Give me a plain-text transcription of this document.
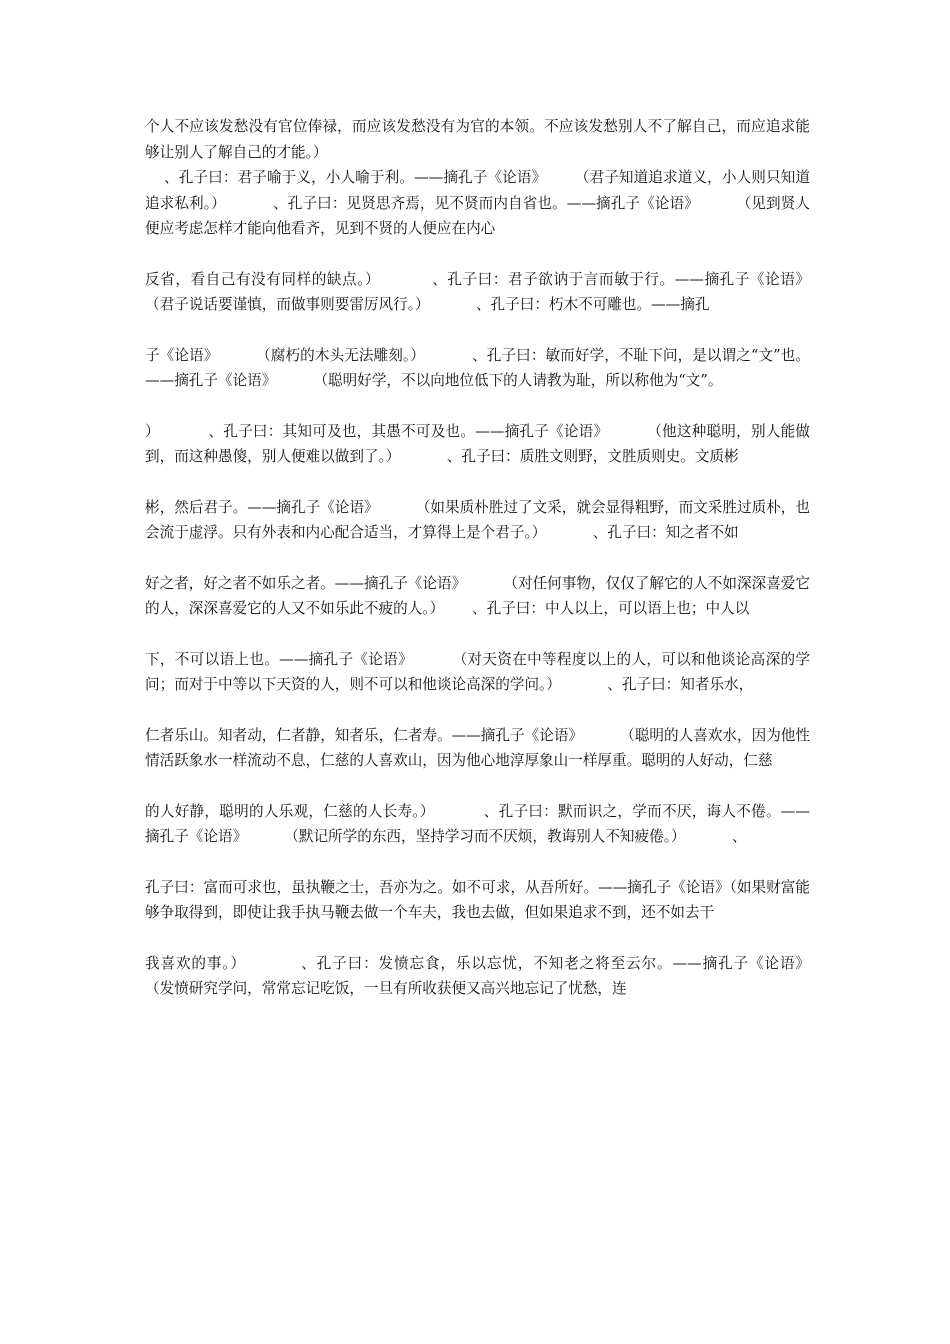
个人不应该发愁没有官位俸禄，而应该发愁没有为官的本领。不应该发愁别人不了解自己，而应追求能够让别人了解自己的才能。）
、孔子曰：君子喻于义，小人喻于利。——摘孔子《论语》      （君子知道追求道义，小人则只知道追求私利。）          、孔子曰：见贤思齐焉，见不贤而内自省也。——摘孔子《论语》        （见到贤人便应考虑怎样才能向他看齐，见到不贤的人便应在内心

反省，看自己有没有同样的缺点。）          、孔子曰：君子欲讷于言而敏于行。——摘孔子《论语》        （君子说话要谨慎，而做事则要雷厉风行。）          、孔子曰：朽木不可雕也。——摘孔

子《论语》        （腐朽的木头无法雕刻。）          、孔子曰：敏而好学，不耻下问，是以谓之“文”也。——摘孔子《论语》        （聪明好学，不以向地位低下的人请教为耻，所以称他为“文”。

）          、孔子曰：其知可及也，其愚不可及也。——摘孔子《论语》        （他这种聪明，别人能做到，而这种愚傻，别人便难以做到了。）          、孔子曰：质胜文则野，文胜质则史。文质彬

彬，然后君子。——摘孔子《论语》        （如果质朴胜过了文采，就会显得粗野，而文采胜过质朴，也会流于虚浮。只有外表和内心配合适当，才算得上是个君子。）          、孔子曰：知之者不如

好之者，好之者不如乐之者。——摘孔子《论语》        （对任何事物，仅仅了解它的人不如深深喜爱它的人，深深喜爱它的人又不如乐此不疲的人。）      、孔子曰：中人以上，可以语上也；中人以

下，不可以语上也。——摘孔子《论语》        （对天资在中等程度以上的人，可以和他谈论高深的学问；而对于中等以下天资的人，则不可以和他谈论高深的学问。）          、孔子曰：知者乐水，

仁者乐山。知者动，仁者静，知者乐，仁者寿。——摘孔子《论语》        （聪明的人喜欢水，因为他性情活跃象水一样流动不息，仁慈的人喜欢山，因为他心地淳厚象山一样厚重。聪明的人好动，仁慈

的人好静，聪明的人乐观，仁慈的人长寿。）          、孔子曰：默而识之，学而不厌，诲人不倦。——摘孔子《论语》        （默记所学的东西，坚持学习而不厌烦，教诲别人不知疲倦。）          、

孔子曰：富而可求也，虽执鞭之士，吾亦为之。如不可求，从吾所好。——摘孔子《论语》（如果财富能够争取得到，即使让我手执马鞭去做一个车夫，我也去做，但如果追求不到，还不如去干

我喜欢的事。）          、孔子曰：发愤忘食，乐以忘忧，不知老之将至云尔。——摘孔子《论语》        （发愤研究学问，常常忘记吃饭，一旦有所收获便又高兴地忘记了忧愁，连
